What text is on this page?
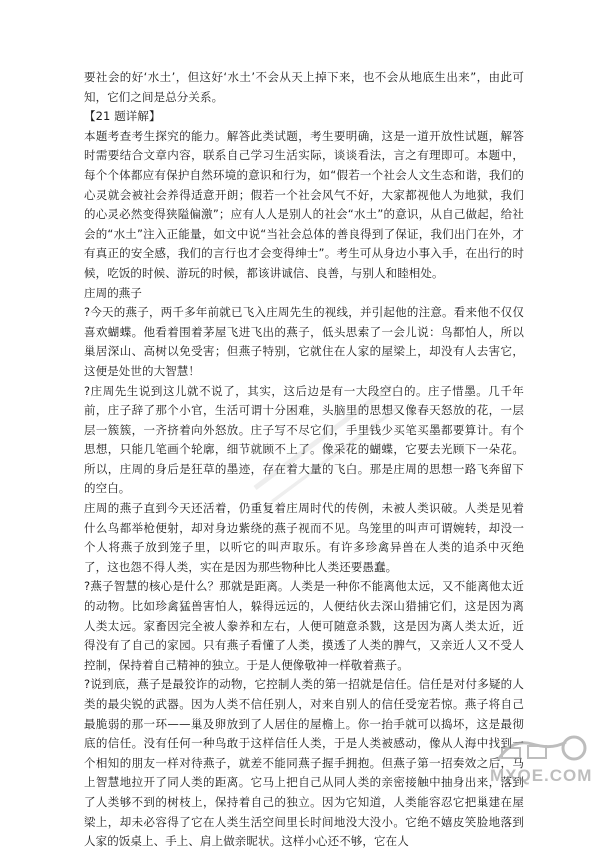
要社会的好‘水土’，但这好‘水土’不会从天上掉下来，也不会从地底生出来”，由此可知，它们之间是总分关系。

【21 题详解】

本题考查考生探究的能力。解答此类试题，考生要明确，这是一道开放性试题，解答时需要结合文章内容，联系自己学习生活实际，谈谈看法，言之有理即可。本题中，每个个体都应有保护自然环境的意识和行为，如“假若一个社会人文生态和谐，我们的心灵就会被社会养得适意开朗；假若一个社会风气不好，大家都视他人为地狱，我们的心灵必然变得狭隘偏激”；应有人人是别人的社会“水土”的意识，从自己做起，给社会的“水土”注入正能量，如文中说“当社会总体的善良得到了保证，我们出门在外，才有真正的安全感，我们的言行也才会变得绅士”。考生可从身边小事入手，在出行的时候，吃饭的时候、游玩的时候，都该讲诚信、良善，与别人和睦相处。

庄周的燕子

?今天的燕子，两千多年前就已飞入庄周先生的视线，并引起他的注意。看来他不仅仅喜欢蝴蝶。他看着围着茅屋飞进飞出的燕子，低头思索了一会儿说：鸟都怕人，所以巢居深山、高树以免受害；但燕子特别，它就住在人家的屋梁上，却没有人去害它，这便是处世的大智慧！

?庄周先生说到这儿就不说了，其实，这后边是有一大段空白的。庄子惜墨。几千年前，庄子辞了那个小官，生活可谓十分困难，头脑里的思想又像春天怒放的花，一层层一簇簇，一齐挤着向外怒放。庄子写不尽它们，手里钱少买笔买墨都要算计。有个思想，只能几笔画个轮廓，细节就顾不上了。像采花的蝴蝶，它要去光顾下一朵花。所以，庄周的身后是狂草的墨迹，存在着大量的飞白。那是庄周的思想一路飞奔留下的空白。

庄周的燕子直到今天还活着，仍重复着庄周时代的传例，未被人类识破。人类是见着什么鸟都举枪便射，却对身边紫绕的燕子视而不见。鸟笼里的叫声可谓婉转，却没一个人将燕子放到笼子里，以听它的叫声取乐。有许多珍禽异兽在人类的追杀中灭绝了，这也怨不得人类，实在是因为那些物种比人类还要愚蠢。

?燕子智慧的核心是什么？那就是距离。人类是一种你不能离他太远，又不能离他太近的动物。比如珍禽猛兽害怕人，躲得远远的，人便结伙去深山猎捕它们，这是因为离人类太远。家畜因完全被人豢养和左右，人便可随意杀戮，这是因为离人类太近，近得没有了自己的家园。只有燕子看懂了人类，摸透了人类的脾气，又亲近人又不受人控制，保持着自己精神的独立。于是人便像敬神一样敬着燕子。

?说到底，燕子是最狡诈的动物，它控制人类的第一招就是信任。信任是对付多疑的人类的最尖锐的武器。因为人类不信任别人，对来自别人的信任受宠若惊。燕子将自己最脆弱的那一环——巢及卵放到了人居住的屋檐上。你一抬手就可以捣坏，这是最彻底的信任。没有任何一种鸟敢于这样信任人类，于是人类被感动，像从人海中找到一个相知的朋友一样对待燕子，就差不能同燕子握手拥抱。但燕子第一招奏效之后，马上智慧地拉开了同人类的距离。它马上把自己从同人类的亲密接触中抽身出来，落到了人类够不到的树枝上，保持着自己的独立。因为它知道，人类能容忍它把巢建在屋梁上，却未必容得了它在人类生活空间里长时间地没大没小。它绝不嬉皮笑脸地落到人家的饭桌上、手上、肩上做亲昵状。这样小心还不够，它在人

MXQE.COM
